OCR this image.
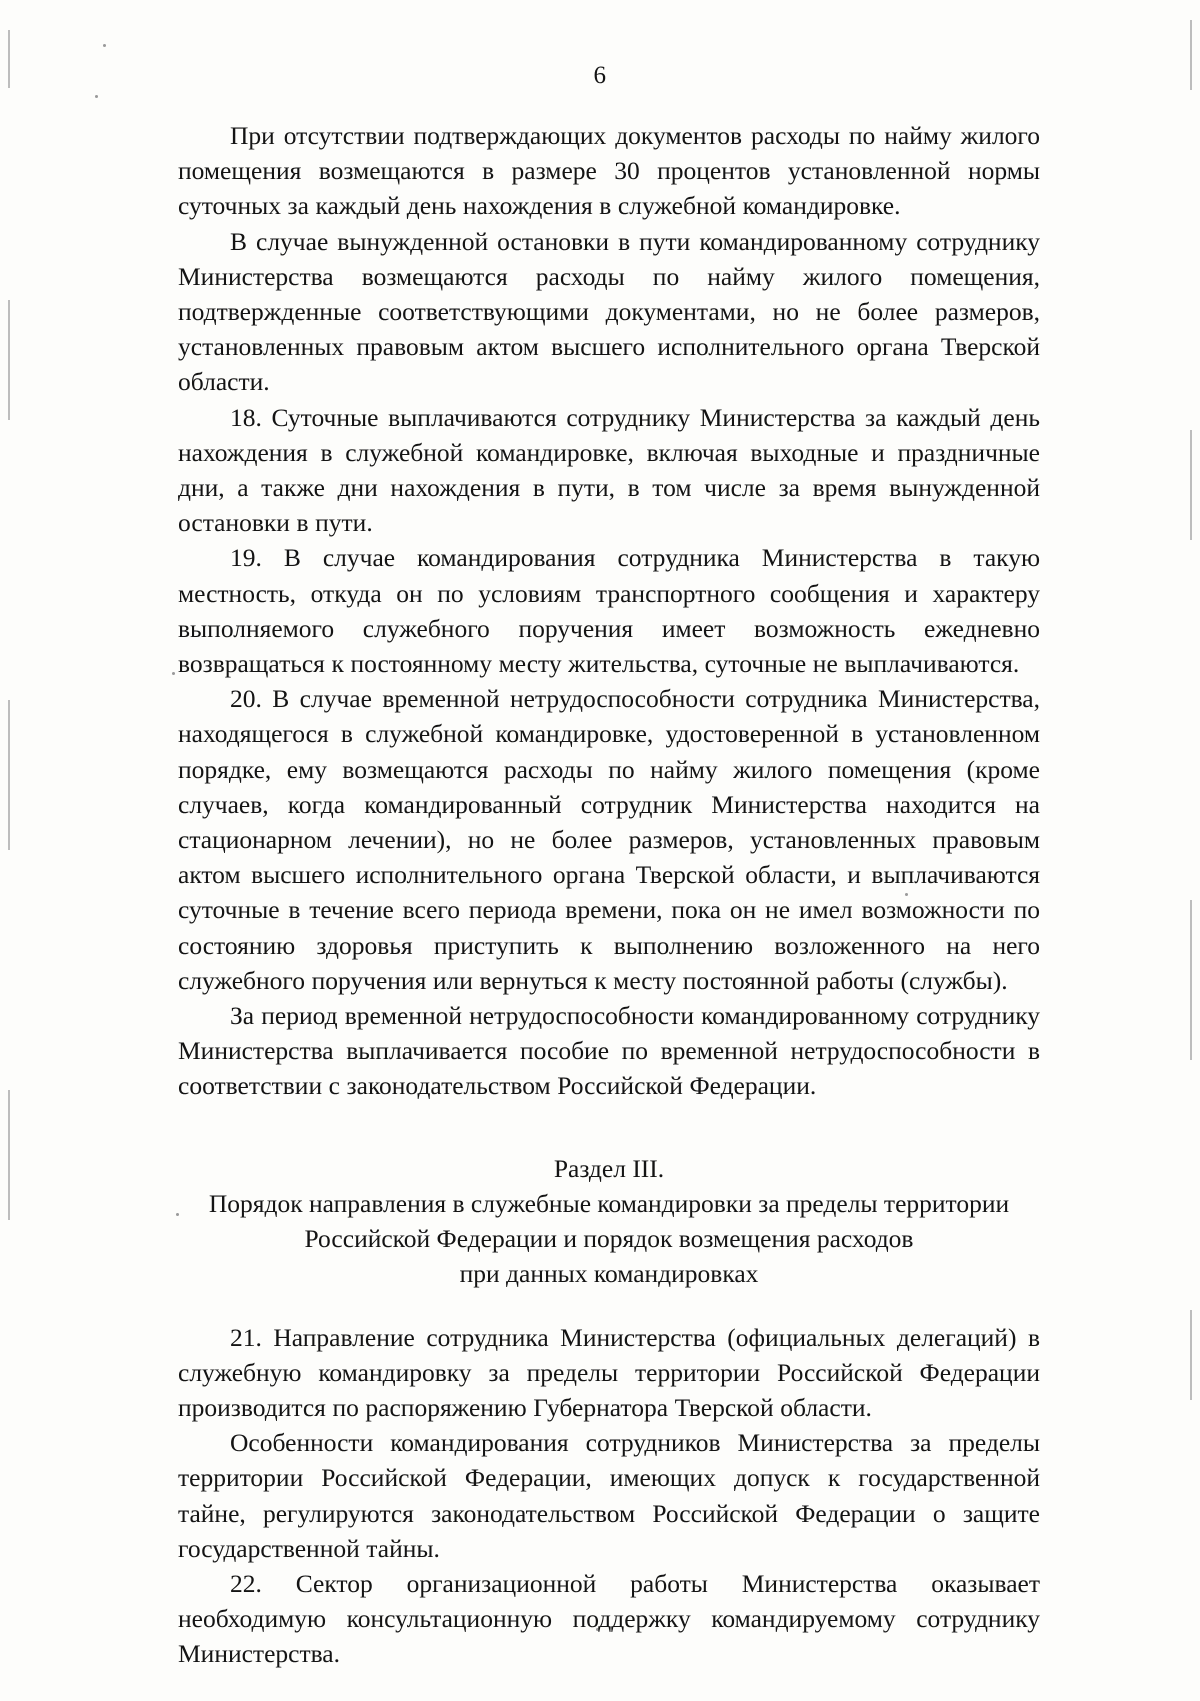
6

При отсутствии подтверждающих документов расходы по найму жилого помещения возмещаются в размере 30 процентов установленной нормы суточных за каждый день нахождения в служебной командировке.

В случае вынужденной остановки в пути командированному сотруднику Министерства возмещаются расходы по найму жилого помещения, подтвержденные соответствующими документами, но не более размеров, установленных правовым актом высшего исполнительного органа Тверской области.

18. Суточные выплачиваются сотруднику Министерства за каждый день нахождения в служебной командировке, включая выходные и праздничные дни, а также дни нахождения в пути, в том числе за время вынужденной остановки в пути.

19. В случае командирования сотрудника Министерства в такую местность, откуда он по условиям транспортного сообщения и характеру выполняемого служебного поручения имеет возможность ежедневно возвращаться к постоянному месту жительства, суточные не выплачиваются.

20. В случае временной нетрудоспособности сотрудника Министерства, находящегося в служебной командировке, удостоверенной в установленном порядке, ему возмещаются расходы по найму жилого помещения (кроме случаев, когда командированный сотрудник Министерства находится на стационарном лечении), но не более размеров, установленных правовым актом высшего исполнительного органа Тверской области, и выплачиваются суточные в течение всего периода времени, пока он не имел возможности по состоянию здоровья приступить к выполнению возложенного на него служебного поручения или вернуться к месту постоянной работы (службы).

За период временной нетрудоспособности командированному сотруднику Министерства выплачивается пособие по временной нетрудоспособности в соответствии с законодательством Российской Федерации.

Раздел III.
Порядок направления в служебные командировки за пределы территории
Российской Федерации и порядок возмещения расходов
при данных командировках

21. Направление сотрудника Министерства (официальных делегаций) в служебную командировку за пределы территории Российской Федерации производится по распоряжению Губернатора Тверской области.

Особенности командирования сотрудников Министерства за пределы территории Российской Федерации, имеющих допуск к государственной тайне, регулируются законодательством Российской Федерации о защите государственной тайны.

22. Сектор организационной работы Министерства оказывает необходимую консультационную поддержку командируемому сотруднику Министерства.
